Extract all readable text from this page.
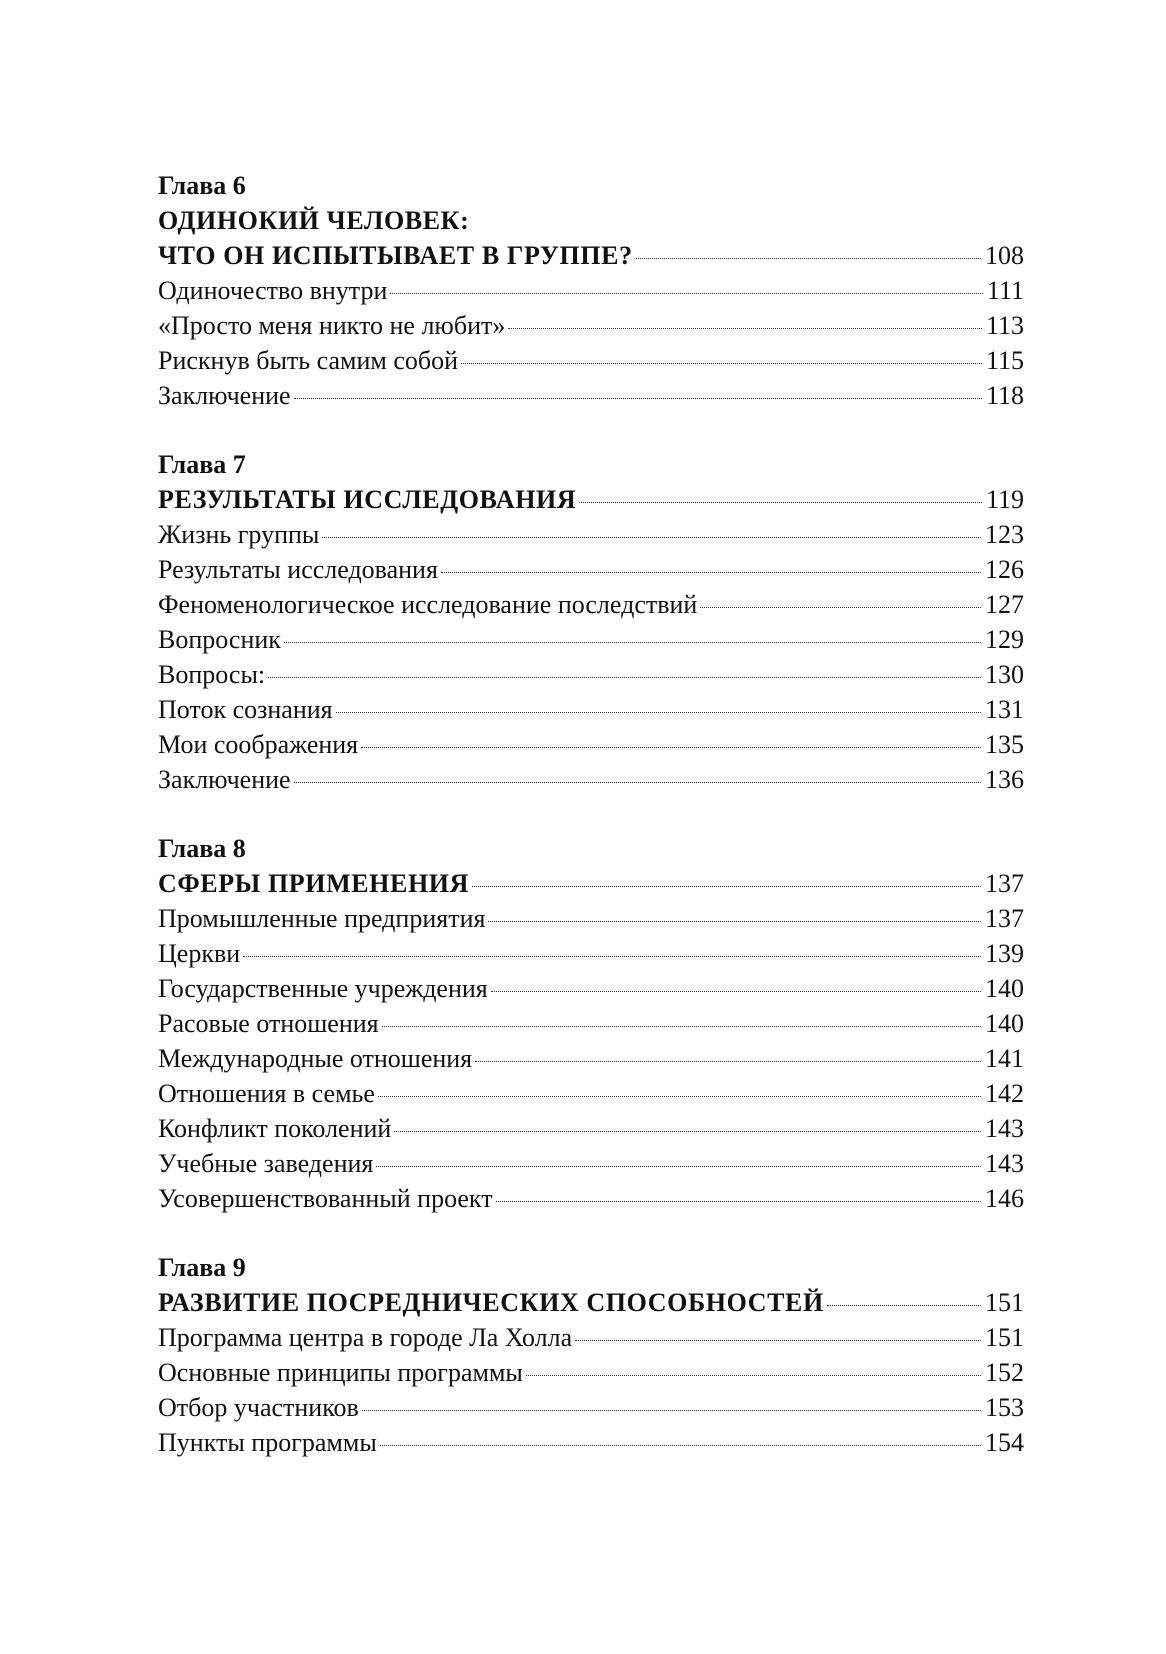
Глава 6
ОДИНОКИЙ ЧЕЛОВЕК:
ЧТО ОН ИСПЫТЫВАЕТ В ГРУППЕ?	108
Одиночество внутри	111
«Просто меня никто не любит»	113
Рискнув быть самим собой	115
Заключение	118
Глава 7
РЕЗУЛЬТАТЫ ИССЛЕДОВАНИЯ	119
Жизнь группы	123
Результаты исследования	126
Феноменологическое исследование последствий	127
Вопросник	129
Вопросы:	130
Поток сознания	131
Мои соображения	135
Заключение	136
Глава 8
СФЕРЫ ПРИМЕНЕНИЯ	137
Промышленные предприятия	137
Церкви	139
Государственные учреждения	140
Расовые отношения	140
Международные отношения	141
Отношения в семье	142
Конфликт поколений	143
Учебные заведения	143
Усовершенствованный проект	146
Глава 9
РАЗВИТИЕ ПОСРЕДНИЧЕСКИХ СПОСОБНОСТЕЙ	151
Программа центра в городе Ла Холла	151
Основные принципы программы	152
Отбор участников	153
Пункты программы	154
